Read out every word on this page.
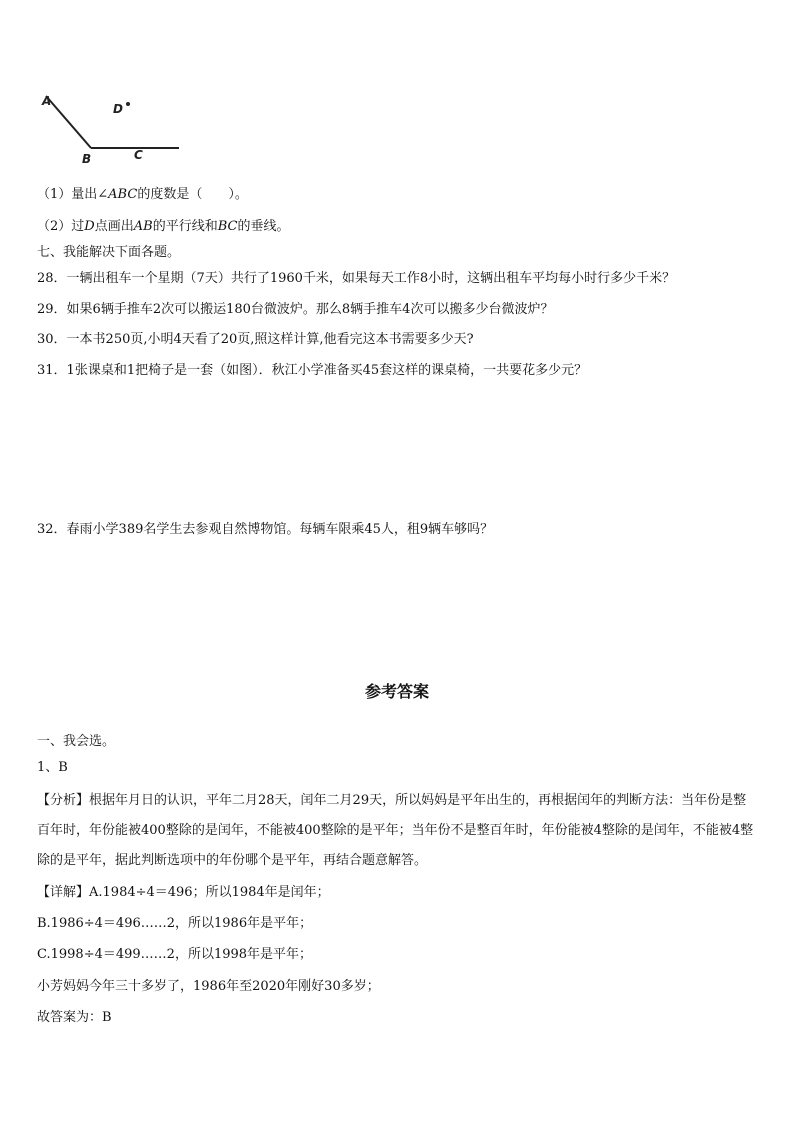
A
B	C
D
（1）量出∠ABC的度数是（　　）。
（2）过D点画出AB的平行线和BC的垂线。
七、我能解决下面各题。
28．一辆出租车一个星期（7天）共行了1960千米，如果每天工作8小时，这辆出租车平均每小时行多少千米？
29．如果6辆手推车2次可以搬运180台微波炉。那么8辆手推车4次可以搬多少台微波炉？
30．一本书250页,小明4天看了20页,照这样计算,他看完这本书需要多少天?
31．1张课桌和1把椅子是一套（如图）．秋江小学准备买45套这样的课桌椅，一共要花多少元？
32．春雨小学389名学生去参观自然博物馆。每辆车限乘45人，租9辆车够吗？
参考答案
一、我会选。
1、B
【分析】根据年月日的认识，平年二月28天，闰年二月29天，所以妈妈是平年出生的，再根据闰年的判断方法：当年份是整百年时，年份能被400整除的是闰年，不能被400整除的是平年；当年份不是整百年时，年份能被4整除的是闰年，不能被4整除的是平年，据此判断选项中的年份哪个是平年，再结合题意解答。
【详解】A.1984÷4＝496；所以1984年是闰年；
B.1986÷4＝496……2，所以1986年是平年；
C.1998÷4＝499……2，所以1998年是平年；
小芳妈妈今年三十多岁了，1986年至2020年刚好30多岁；
故答案为：B
